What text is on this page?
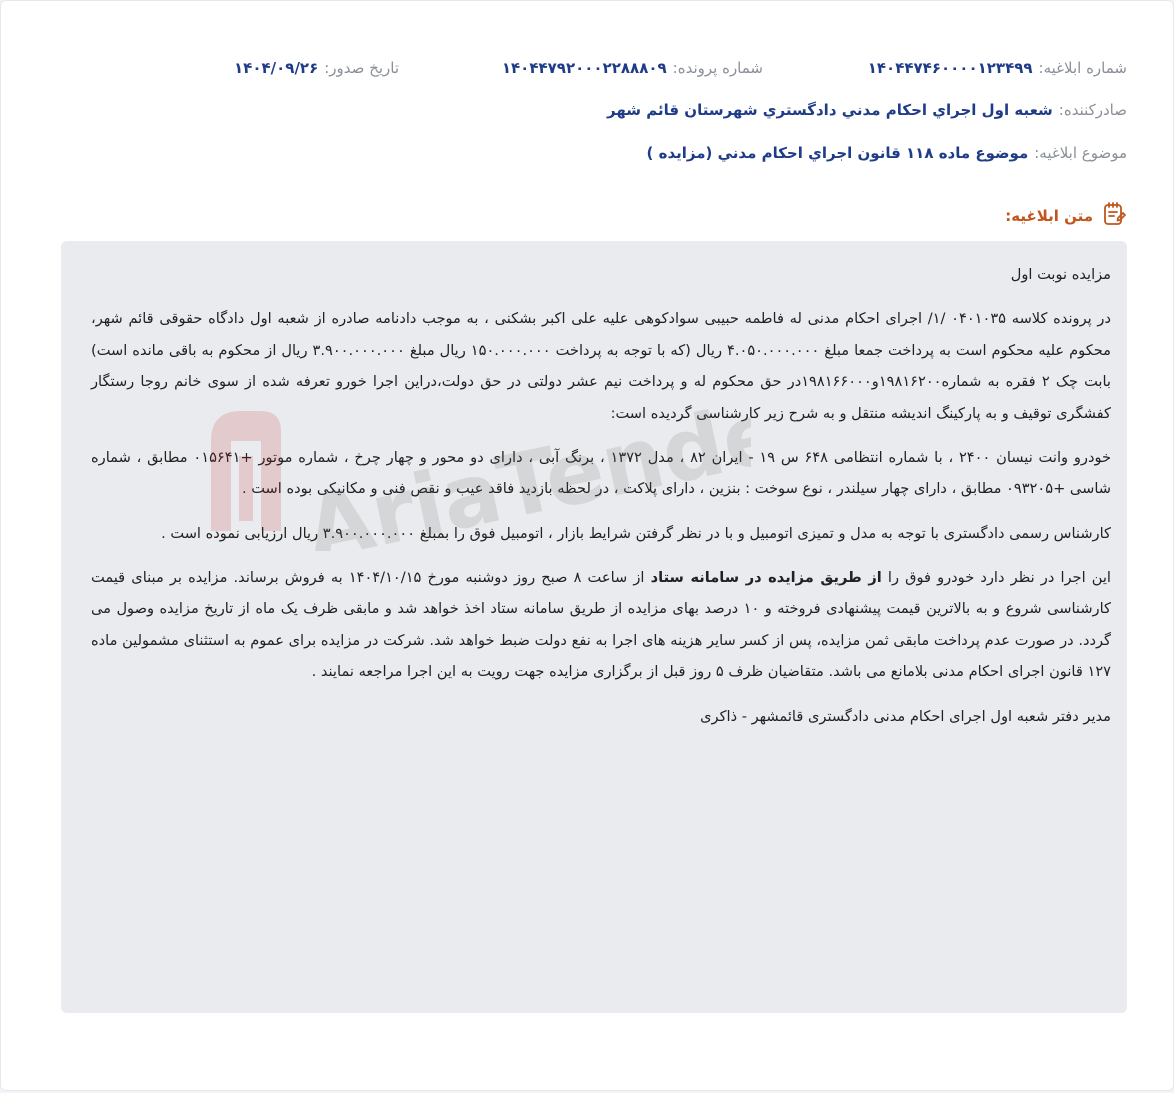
شماره ابلاغیه:۱۴۰۴۴۷۴۶۰۰۰۰۱۲۳۴۹۹
شماره پرونده:۱۴۰۴۴۷۹۲۰۰۰۲۲۸۸۸۰۹
تاریخ صدور:۱۴۰۴/۰۹/۲۶
صادرکننده:شعبه اول اجراي احکام مدني دادگستري شهرستان قائم شهر
موضوع ابلاغیه:موضوع ماده ۱۱۸ قانون اجراي احکام مدني (مزايده )
متن ابلاغیه:

مزایده نوبت اول

در پرونده کلاسه ۰۴۰۱۰۳۵ /۱/ اجرای احکام مدنی له فاطمه حبیبی سوادکوهی علیه علی اکبر بشکنی ، به موجب دادنامه صادره از شعبه اول دادگاه حقوقی قائم شهر، محکوم علیه محکوم است به پرداخت جمعا مبلغ ۴.۰۵۰.۰۰۰.۰۰۰ ریال (که با توجه به پرداخت ۱۵۰.۰۰۰.۰۰۰ ریال مبلغ ۳.۹۰۰.۰۰۰.۰۰۰ ریال از محکوم به باقی مانده است) بابت چک ۲ فقره به شماره۱۹۸۱۶۲۰۰و۱۹۸۱۶۶۰۰۰در حق محکوم له و پرداخت نیم عشر دولتی در حق دولت،دراین اجرا خورو تعرفه شده از سوی خانم روجا رستگار کفشگری توقیف و به پارکینگ اندیشه منتقل و به شرح زیر کارشناسی گردیده است:

خودرو وانت نیسان ۲۴۰۰ ، با شماره انتظامی ۶۴۸ س ۱۹ - ایران ۸۲ ، مدل ۱۳۷۲ ، برنگ آبی ، دارای دو محور و چهار چرخ ، شماره موتور +۰۱۵۶۴۱ مطابق ، شماره شاسی +۰۹۳۲۰۵ مطابق ، دارای چهار سیلندر ، نوع سوخت : بنزین ، دارای پلاکت ، در لحظه بازدید فاقد عیب و نقص فنی و مکانیکی بوده است .

کارشناس رسمی دادگستری با توجه به مدل و تمیزی اتومبیل و با در نظر گرفتن شرایط بازار ، اتومبیل فوق را بمبلغ ۳.۹۰۰.۰۰۰.۰۰۰ ریال ارزیابی نموده است .

این اجرا در نظر دارد خودرو فوق را از طریق مزایده در سامانه ستاد از ساعت ۸ صبح روز دوشنبه مورخ ۱۴۰۴/۱۰/۱۵ به فروش برساند. مزایده بر مبنای قیمت کارشناسی شروع و به بالاترین قیمت پیشنهادی فروخته و ۱۰ درصد بهای مزایده از طریق سامانه ستاد اخذ خواهد شد و مابقی ظرف یک ماه از تاریخ مزایده وصول می گردد. در صورت عدم پرداخت مابقی ثمن مزایده، پس از کسر سایر هزینه های اجرا به نفع دولت ضبط خواهد شد. شرکت در مزایده برای عموم به استثنای مشمولین ماده ۱۲۷ قانون اجرای احکام مدنی بلامانع می باشد. متقاضیان ظرف ۵ روز قبل از برگزاری مزایده جهت رویت به این اجرا مراجعه نمایند .

مدیر دفتر شعبه اول اجرای احکام مدنی دادگستری قائمشهر - ذاکری
